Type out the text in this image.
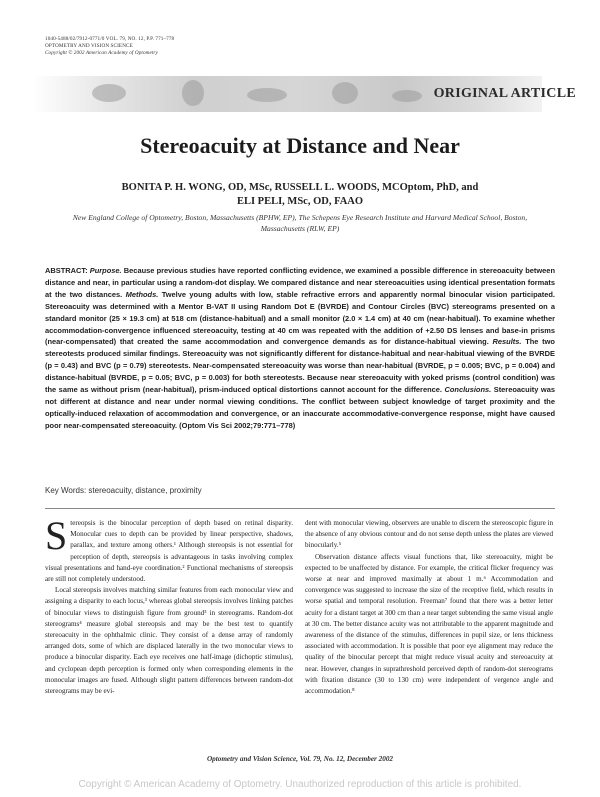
1040-5488/02/7912-0771/0 VOL. 79, NO. 12, P.P. 771–778
OPTOMETRY AND VISION SCIENCE
Copyright © 2002 American Academy of Optometry
ORIGINAL ARTICLE
Stereoacuity at Distance and Near
BONITA P. H. WONG, OD, MSc, RUSSELL L. WOODS, MCOptom, PhD, and
ELI PELI, MSc, OD, FAAO
New England College of Optometry, Boston, Massachusetts (BPHW, EP), The Schepens Eye Research Institute and Harvard Medical School, Boston, Massachusetts (RLW, EP)

ABSTRACT: Purpose. Because previous studies have reported conflicting evidence, we examined a possible difference in stereoacuity between distance and near, in particular using a random-dot display. We compared distance and near stereoacuities using identical presentation formats at the two distances. Methods. Twelve young adults with low, stable refractive errors and apparently normal binocular vision participated. Stereoacuity was determined with a Mentor B-VAT II using Random Dot E (BVRDE) and Contour Circles (BVC) stereograms presented on a standard monitor (25 × 19.3 cm) at 518 cm (distance-habitual) and a small monitor (2.0 × 1.4 cm) at 40 cm (near-habitual). To examine whether accommodation-convergence influenced stereoacuity, testing at 40 cm was repeated with the addition of +2.50 DS lenses and base-in prisms (near-compensated) that created the same accommodation and convergence demands as for distance-habitual viewing. Results. The two stereotests produced similar findings. Stereoacuity was not significantly different for distance-habitual and near-habitual viewing of the BVRDE (p = 0.43) and BVC (p = 0.79) stereotests. Near-compensated stereoacuity was worse than near-habitual (BVRDE, p = 0.005; BVC, p = 0.004) and distance-habitual (BVRDE, p = 0.05; BVC, p = 0.003) for both stereotests. Because near stereoacuity with yoked prisms (control condition) was the same as without prism (near-habitual), prism-induced optical distortions cannot account for the difference. Conclusions. Stereoacuity was not different at distance and near under normal viewing conditions. The conflict between subject knowledge of target proximity and the optically-induced relaxation of accommodation and convergence, or an inaccurate accommodative-convergence response, might have caused poor near-compensated stereoacuity. (Optom Vis Sci 2002;79:771–778)

Key Words: stereoacuity, distance, proximity

Stereopsis is the binocular perception of depth based on retinal disparity. Monocular cues to depth can be provided by linear perspective, shadows, parallax, and texture among others.¹ Although stereopsis is not essential for perception of depth, stereopsis is advantageous in tasks involving complex visual presentations and hand-eye coordination.² Functional mechanisms of stereopsis are still not completely understood.

Local stereopsis involves matching similar features from each monocular view and assigning a disparity to each locus,³ whereas global stereopsis involves linking patches of binocular views to distinguish figure from ground³ in stereograms. Random-dot stereograms⁴ measure global stereopsis and may be the best test to quantify stereoacuity in the ophthalmic clinic. They consist of a dense array of randomly arranged dots, some of which are displaced laterally in the two monocular views to produce a binocular disparity. Each eye receives one half-image (dichoptic stimulus), and cyclopean depth perception is formed only when corresponding elements in the monocular images are fused. Although slight pattern differences between random-dot stereograms may be evi-

dent with monocular viewing, observers are unable to discern the stereoscopic figure in the absence of any obvious contour and do not sense depth unless the plates are viewed binocularly.⁵

Observation distance affects visual functions that, like stereoacuity, might be expected to be unaffected by distance. For example, the critical flicker frequency was worse at near and improved maximally at about 1 m.⁶ Accommodation and convergence was suggested to increase the size of the receptive field, which results in worse spatial and temporal resolution. Freeman⁷ found that there was a better letter acuity for a distant target at 300 cm than a near target subtending the same visual angle at 30 cm. The better distance acuity was not attributable to the apparent magnitude and awareness of the distance of the stimulus, differences in pupil size, or lens thickness associated with accommodation. It is possible that poor eye alignment may reduce the quality of the binocular percept that might reduce visual acuity and stereoacuity at near. However, changes in suprathreshold perceived depth of random-dot stereograms with fixation distance (30 to 130 cm) were independent of vergence angle and accommodation.⁸

Optometry and Vision Science, Vol. 79, No. 12, December 2002
Copyright © American Academy of Optometry. Unauthorized reproduction of this article is prohibited.
